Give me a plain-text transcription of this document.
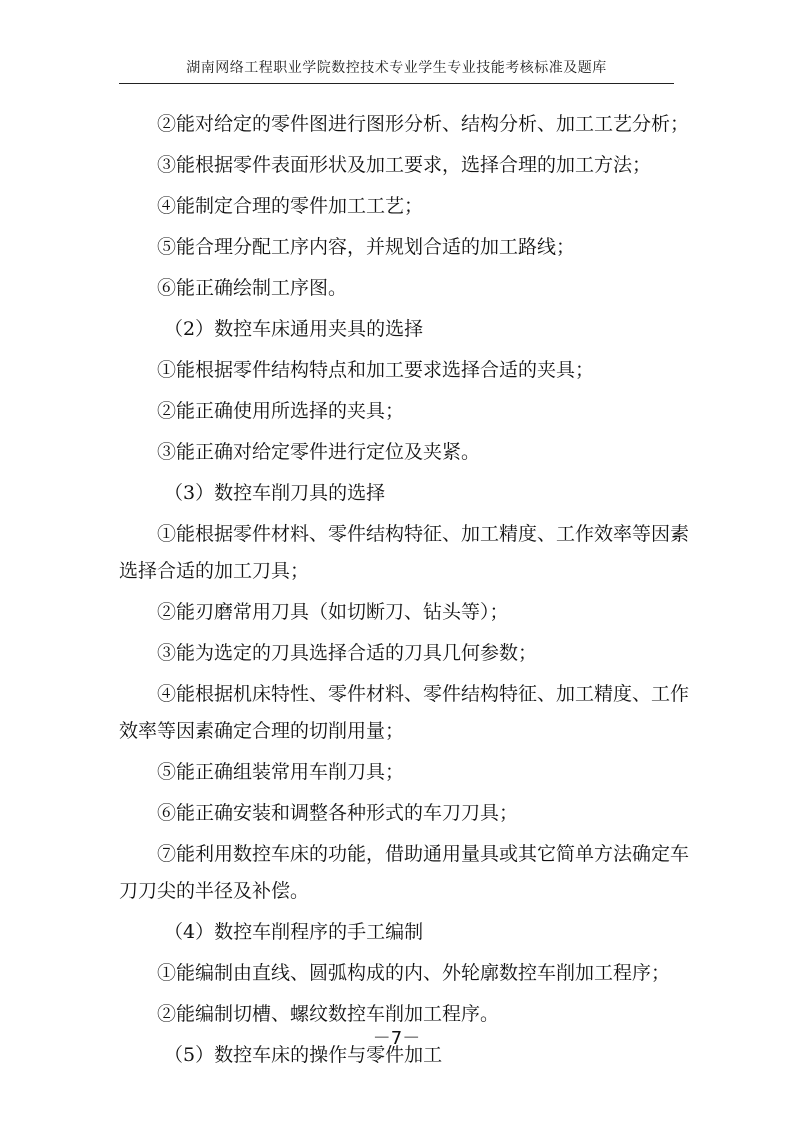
湖南网络工程职业学院数控技术专业学生专业技能考核标准及题库

②能对给定的零件图进行图形分析、结构分析、加工工艺分析；

③能根据零件表面形状及加工要求，选择合理的加工方法；

④能制定合理的零件加工工艺；

⑤能合理分配工序内容，并规划合适的加工路线；

⑥能正确绘制工序图。

（2）数控车床通用夹具的选择

①能根据零件结构特点和加工要求选择合适的夹具；

②能正确使用所选择的夹具；

③能正确对给定零件进行定位及夹紧。

（3）数控车削刀具的选择

①能根据零件材料、零件结构特征、加工精度、工作效率等因素

选择合适的加工刀具；

②能刃磨常用刀具（如切断刀、钻头等）；

③能为选定的刀具选择合适的刀具几何参数；

④能根据机床特性、零件材料、零件结构特征、加工精度、工作

效率等因素确定合理的切削用量；

⑤能正确组装常用车削刀具；

⑥能正确安装和调整各种形式的车刀刀具；

⑦能利用数控车床的功能，借助通用量具或其它简单方法确定车

刀刀尖的半径及补偿。

（4）数控车削程序的手工编制

①能编制由直线、圆弧构成的内、外轮廓数控车削加工程序；

②能编制切槽、螺纹数控车削加工程序。

（5）数控车床的操作与零件加工

－7－
